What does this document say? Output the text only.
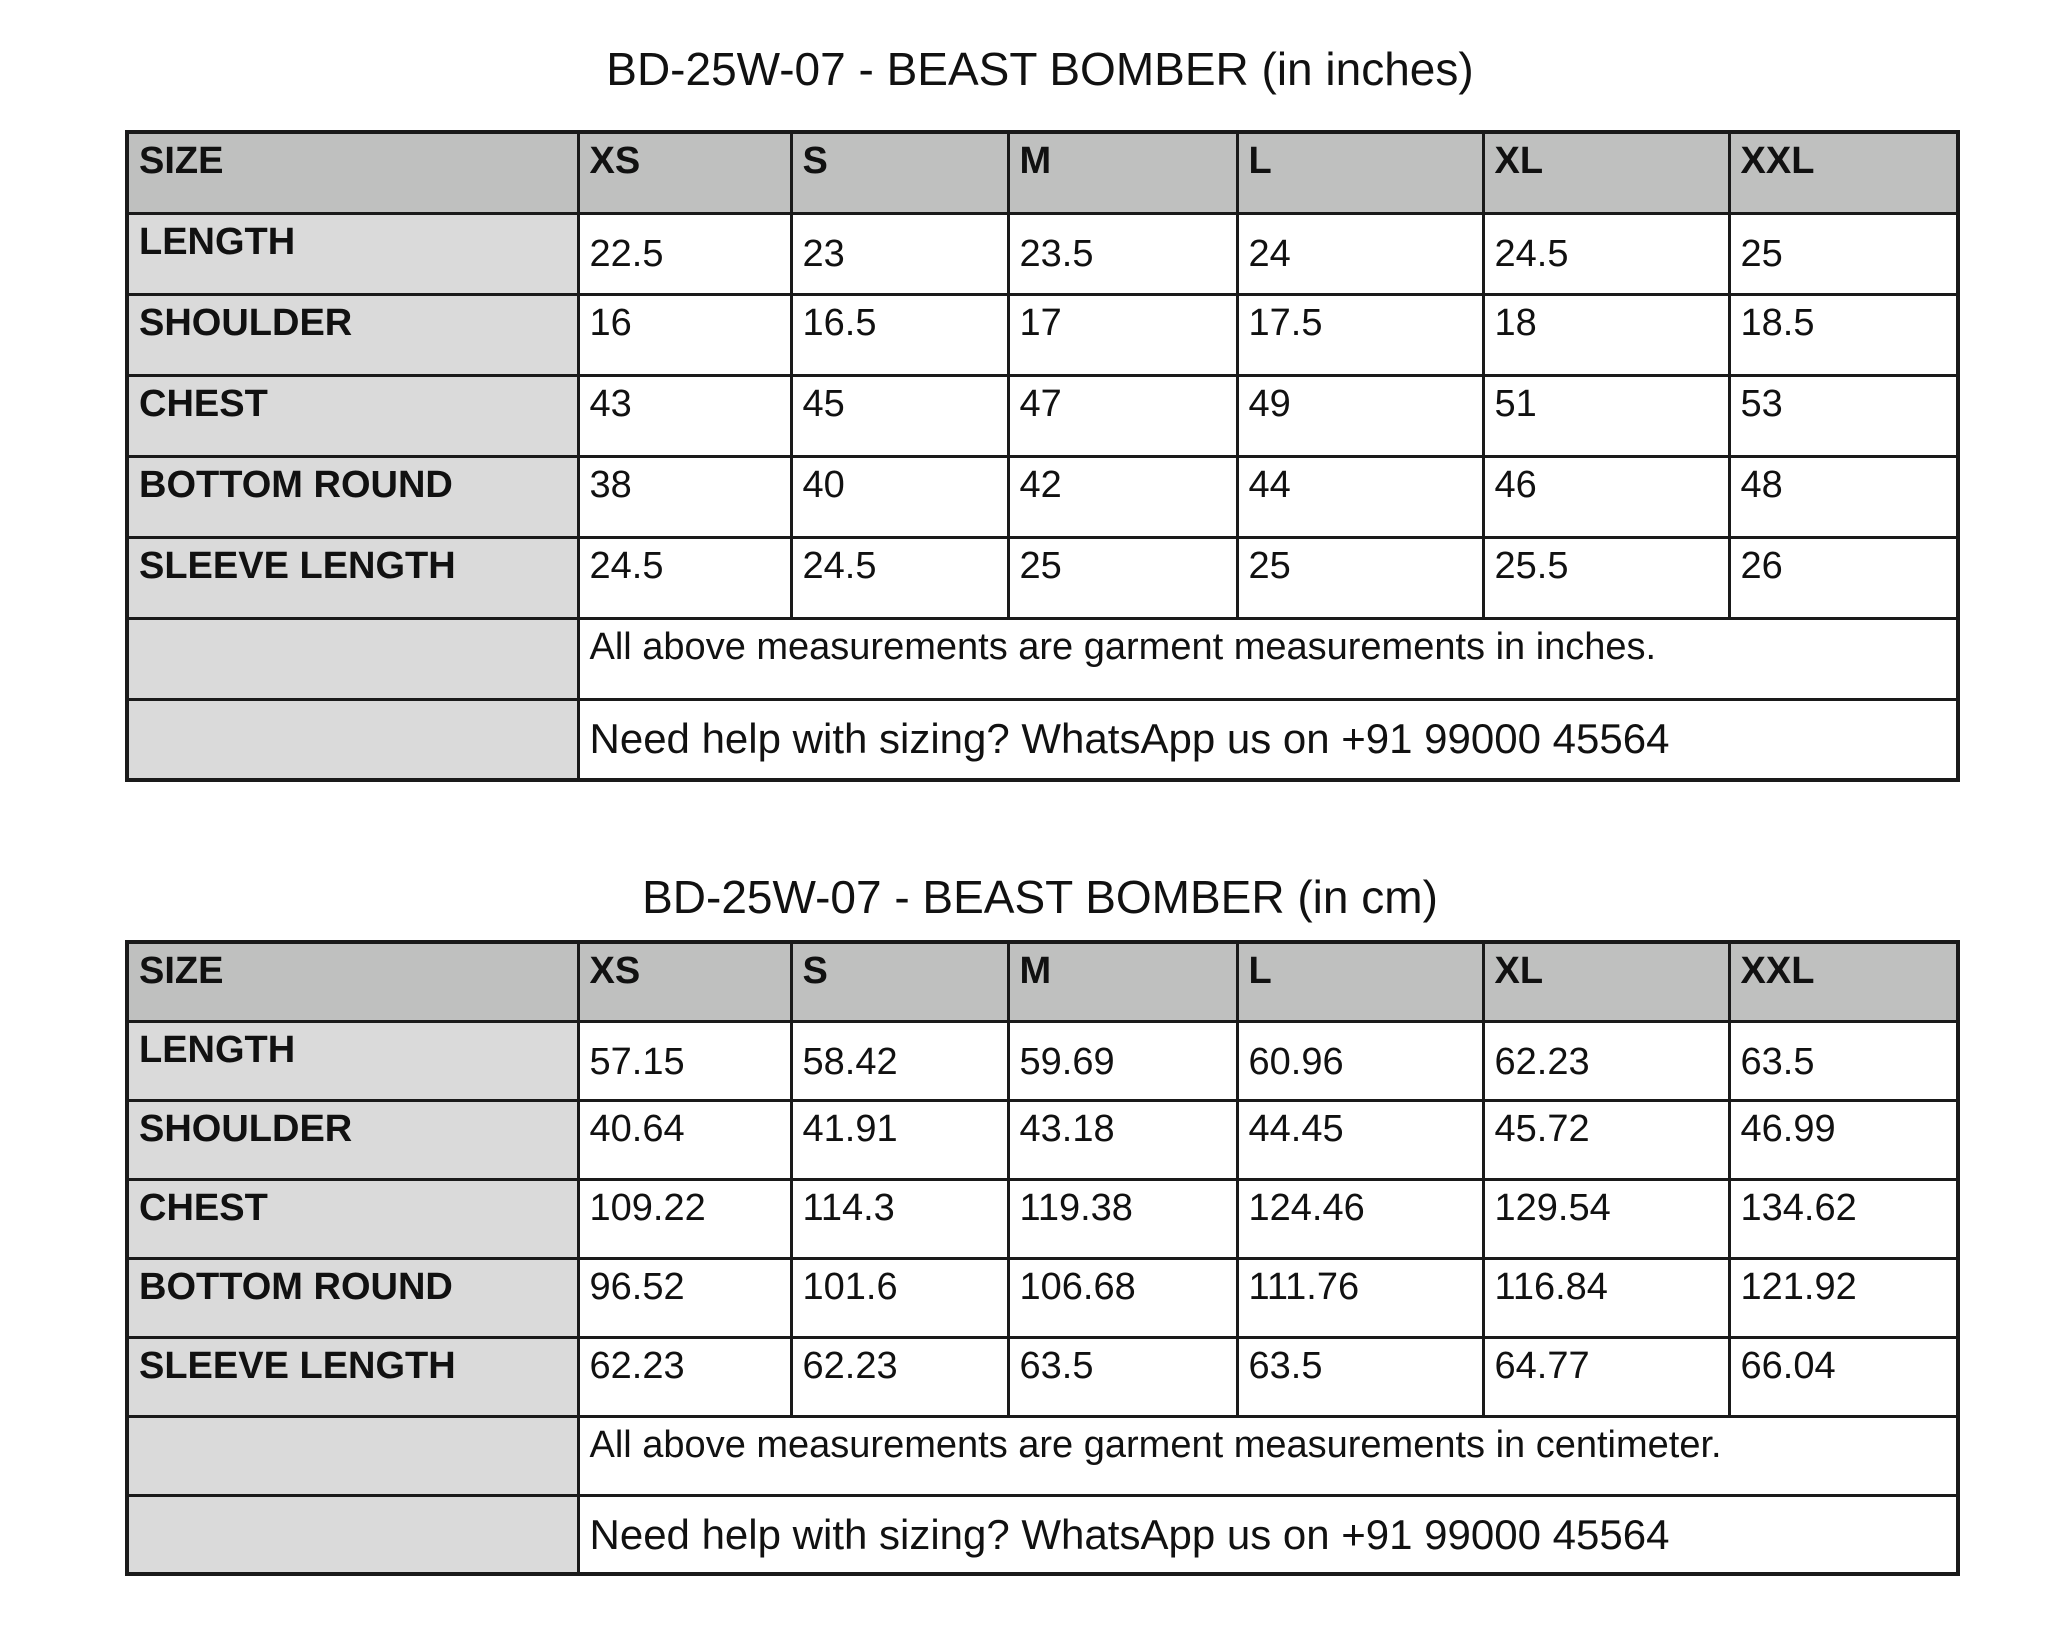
BD-25W-07 - BEAST BOMBER (in inches)
SIZE	XS	S	M	L	XL	XXL
LENGTH	22.5	23	23.5	24	24.5	25
SHOULDER	16	16.5	17	17.5	18	18.5
CHEST	43	45	47	49	51	53
BOTTOM ROUND	38	40	42	44	46	48
SLEEVE LENGTH	24.5	24.5	25	25	25.5	26
	All above measurements are garment measurements in inches.					
	Need help with sizing? WhatsApp us on +91 99000 45564					
BD-25W-07 - BEAST BOMBER (in cm)
SIZE	XS	S	M	L	XL	XXL
LENGTH	57.15	58.42	59.69	60.96	62.23	63.5
SHOULDER	40.64	41.91	43.18	44.45	45.72	46.99
CHEST	109.22	114.3	119.38	124.46	129.54	134.62
BOTTOM ROUND	96.52	101.6	106.68	111.76	116.84	121.92
SLEEVE LENGTH	62.23	62.23	63.5	63.5	64.77	66.04
	All above measurements are garment measurements in centimeter.					
	Need help with sizing? WhatsApp us on +91 99000 45564					
